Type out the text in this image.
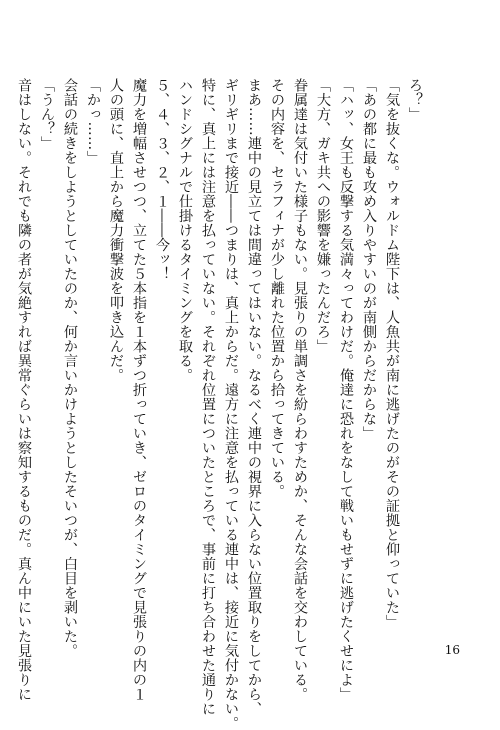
ろ？」
「気を抜くな。ウォルドム陛下は、人魚共が南に逃げたのがその証拠と仰っていた」
「あの都に最も攻め入りやすいのが南側からだからな」
「ハッ、女王も反撃する気満々ってわけだ。俺達に恐れをなして戦いもせずに逃げたくせによ」
「大方、ガキ共への影響を嫌ったんだろ」
眷属達は気付いた様子もない。見張りの単調さを紛らわすためか、そんな会話を交わしている。
その内容を、セラフィナが少し離れた位置から拾ってきている。
まあ……連中の見立ては間違ってはいない。なるべく連中の視界に入らない位置取りをしてから、
ギリギリまで接近――つまりは、真上からだ。遠方に注意を払っている連中は、接近に気付かない。
特に、真上には注意を払っていない。それぞれ位置についたところで、事前に打ち合わせた通りに
ハンドシグナルで仕掛けるタイミングを取る。
５、４、３、２、１――今ッ！
魔力を増幅させつつ、立てた５本指を１本ずつ折っていき、ゼロのタイミングで見張りの内の１
人の頭に、直上から魔力衝撃波を叩き込んだ。
「かっ……」
会話の続きをしようとしていたのか、何か言いかけようとしたそいつが、白目を剥いた。
「うん？」
音はしない。それでも隣の者が気絶すれば異常ぐらいは察知するものだ。真ん中にいた見張りに	16
